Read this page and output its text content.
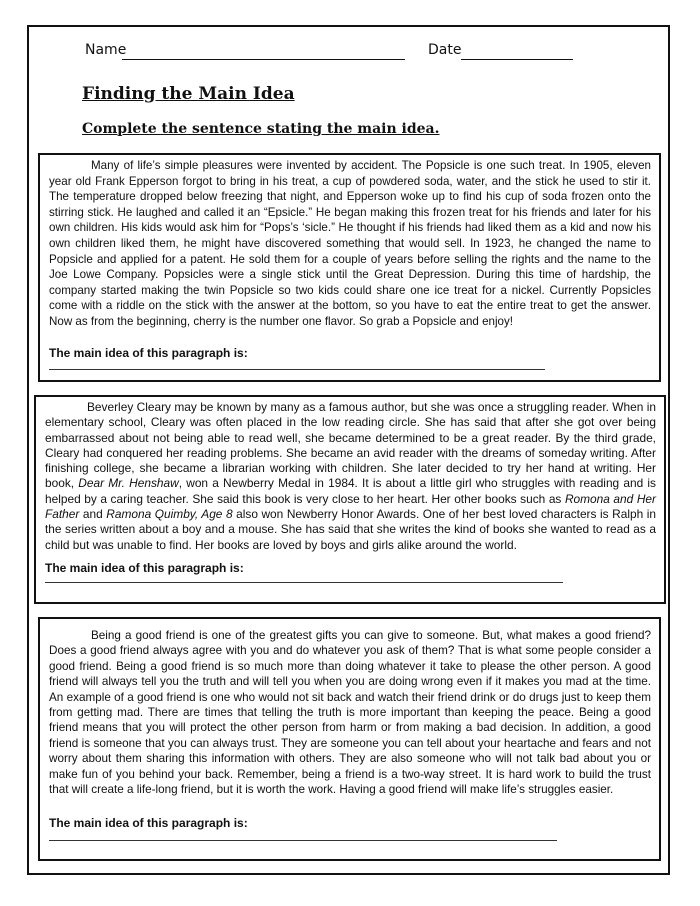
Name	Date
Finding the Main Idea
Complete the sentence stating the main idea.

Many of life’s simple pleasures were invented by accident. The Popsicle is one such treat. In 1905, eleven year old Frank Epperson forgot to bring in his treat, a cup of powdered soda, water, and the stick he used to stir it. The temperature dropped below freezing that night, and Epperson woke up to find his cup of soda frozen onto the stirring stick. He laughed and called it an “Epsicle.” He began making this frozen treat for his friends and later for his own children. His kids would ask him for “Pops’s ‘sicle.” He thought if his friends had liked them as a kid and now his own children liked them, he might have discovered something that would sell. In 1923, he changed the name to Popsicle and applied for a patent. He sold them for a couple of years before selling the rights and the name to the Joe Lowe Company. Popsicles were a single stick until the Great Depression. During this time of hardship, the company started making the twin Popsicle so two kids could share one ice treat for a nickel. Currently Popsicles come with a riddle on the stick with the answer at the bottom, so you have to eat the entire treat to get the answer. Now as from the beginning, cherry is the number one flavor. So grab a Popsicle and enjoy!

The main idea of this paragraph is:

Beverley Cleary may be known by many as a famous author, but she was once a struggling reader. When in elementary school, Cleary was often placed in the low reading circle. She has said that after she got over being embarrassed about not being able to read well, she became determined to be a great reader. By the third grade, Cleary had conquered her reading problems. She became an avid reader with the dreams of someday writing. After finishing college, she became a librarian working with children. She later decided to try her hand at writing. Her book, Dear Mr. Henshaw, won a Newberry Medal in 1984. It is about a little girl who struggles with reading and is helped by a caring teacher. She said this book is very close to her heart. Her other books such as Romona and Her Father and Ramona Quimby, Age 8 also won Newberry Honor Awards. One of her best loved characters is Ralph in the series written about a boy and a mouse. She has said that she writes the kind of books she wanted to read as a child but was unable to find. Her books are loved by boys and girls alike around the world.

The main idea of this paragraph is:

Being a good friend is one of the greatest gifts you can give to someone. But, what makes a good friend? Does a good friend always agree with you and do whatever you ask of them? That is what some people consider a good friend. Being a good friend is so much more than doing whatever it take to please the other person. A good friend will always tell you the truth and will tell you when you are doing wrong even if it makes you mad at the time. An example of a good friend is one who would not sit back and watch their friend drink or do drugs just to keep them from getting mad. There are times that telling the truth is more important than keeping the peace. Being a good friend means that you will protect the other person from harm or from making a bad decision. In addition, a good friend is someone that you can always trust. They are someone you can tell about your heartache and fears and not worry about them sharing this information with others. They are also someone who will not talk bad about you or make fun of you behind your back. Remember, being a friend is a two-way street. It is hard work to build the trust that will create a life-long friend, but it is worth the work. Having a good friend will make life’s struggles easier.

The main idea of this paragraph is:
